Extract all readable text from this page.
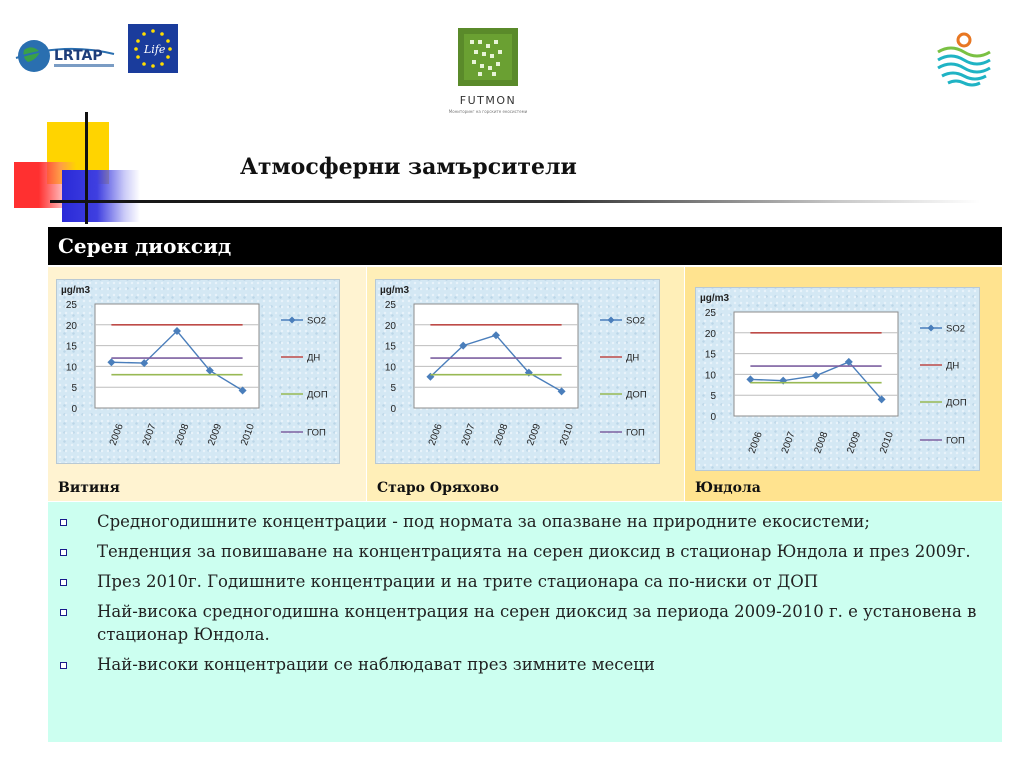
LRTAP	Life
FUTMON
Мониторинг на горските екосистеми
Атмосферни замърсители
Серен диоксид
µg/m3
0
5
10
15
20
25
2006 2007 2008 2009 2010
SO2
ДН
ДОП
ГОП
Витиня
µg/m3
0
5
10
15
20
25
2006 2007 2008 2009 2010
SO2
ДН
ДОП
ГОП
Старо Оряхово
µg/m3
0
5
10
15
20
25
2006 2007 2008 2009 2010
SO2
ДН
ДОП
ГОП
Юндола
Средногодишните концентрации - под нормата за опазване на природните екосистеми;
Тенденция за повишаване на концентрацията на серен диоксид в стационар Юндола и през 2009г.
През 2010г. Годишните концентрации и на трите стационара са по-ниски от ДОП
Най-висока средногодишна концентрация на серен диоксид за периода 2009-2010 г. е установена в стационар Юндола.
Най-високи концентрации се наблюдават през зимните месеци
